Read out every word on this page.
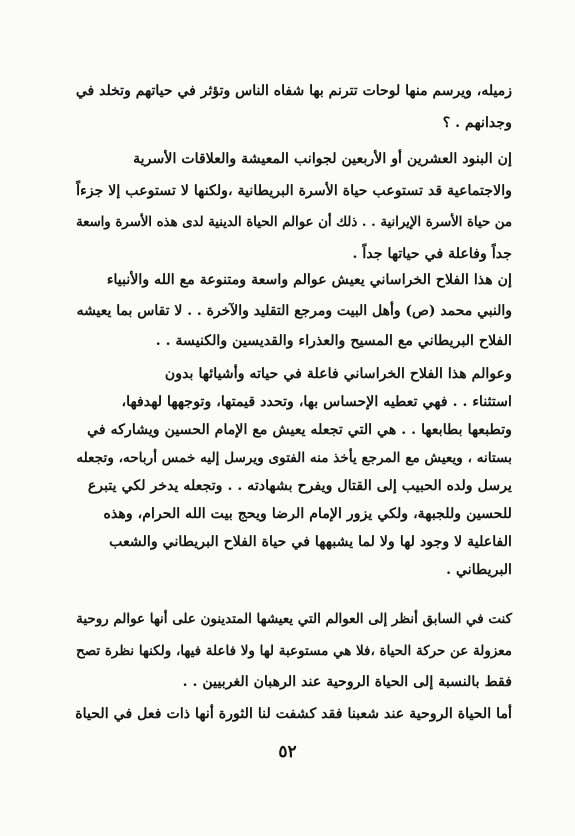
زميله، ويرسم منها لوحات تترنم بها شفاه الناس وتؤثر في حياتهم وتخلد في
وجدانهم . ؟

إن البنود العشرين أو الأربعين لجوانب المعيشة والعلاقات الأسرية
والاجتماعية قد تستوعب حياة الأسرة البريطانية ،ولكنها لا تستوعب إلا جزءاً
من حياة الأسرة الإيرانية . . ذلك أن عوالم الحياة الدينية لدى هذه الأسرة واسعة
جداً وفاعلة في حياتها جداً .

إن هذا الفلاح الخراساني يعيش عوالم واسعة ومتنوعة مع الله والأنبياء
والنبي محمد (ص) وأهل البيت ومرجع التقليد والآخرة . . لا تقاس بما يعيشه
الفلاح البريطاني مع المسيح والعذراء والقديسين والكنيسة . .

وعوالم هذا الفلاح الخراساني فاعلة في حياته وأشيائها بدون
استثناء . . فهي تعطيه الإحساس بها، وتحدد قيمتها، وتوجهها لهدفها،
وتطبعها بطابعها . . هي التي تجعله يعيش مع الإمام الحسين ويشاركه في
بستانه ، ويعيش مع المرجع يأخذ منه الفتوى ويرسل إليه خمس أرباحه، وتجعله
يرسل ولده الحبيب إلى القتال ويفرح بشهادته . . وتجعله يدخر لكي يتبرع
للحسين وللجبهة، ولكي يزور الإمام الرضا ويحج بيت الله الحرام، وهذه
الفاعلية لا وجود لها ولا لما يشبهها في حياة الفلاح البريطاني والشعب
البريطاني .

كنت في السابق أنظر إلى العوالم التي يعيشها المتدينون على أنها عوالم روحية
معزولة عن حركة الحياة ،فلا هي مستوعبة لها ولا فاعلة فيها، ولكنها نظرة تصح
فقط بالنسبة إلى الحياة الروحية عند الرهبان الغربيين . .

أما الحياة الروحية عند شعبنا فقد كشفت لنا الثورة أنها ذات فعل في الحياة

٥٢
